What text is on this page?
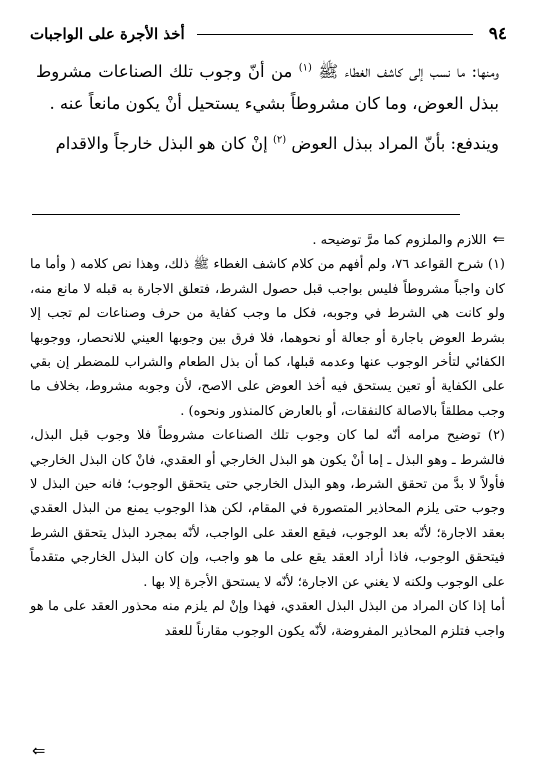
٩٤
أخذ الأجرة على الواجبات

ومنها: ما نسب إلى كاشف الغطاء ﷺ $^{(١)}$ من أنّ وجوب تلك الصناعات مشروط ببذل العوض، وما كان مشروطاً بشيء يستحيل أنْ يكون مانعاً عنه .

ويندفع: بأنّ المراد ببذل العوض $^{(٢)}$ إنْ كان هو البذل خارجاً والاقدام

⇐اللازم والملزوم كما مرَّ توضيحه .

(١) شرح القواعد ٧٦، ولم أفهم من كلام كاشف الغطاء ﷺ ذلك، وهذا نص كلامه ( وأما ما كان واجباً مشروطاً فليس بواجب قبل حصول الشرط، فتعلق الاجارة به قبله لا مانع منه، ولو كانت هي الشرط في وجوبه، فكل ما وجب كفاية من حرف وصناعات لم تجب إلا بشرط العوض باجارة أو جعالة أو نحوهما، فلا فرق بين وجوبها العيني للانحصار، ووجوبها الكفائي لتأخر الوجوب عنها وعدمه قبلها، كما أن بذل الطعام والشراب للمضطر إن بقي على الكفاية أو تعين يستحق فيه أخذ العوض على الاصح، لأن وجوبه مشروط، بخلاف ما وجب مطلقاً بالاصالة كالنفقات، أو بالعارض كالمنذور ونحوه) .

(٢) توضيح مرامه أنّه لما كان وجوب تلك الصناعات مشروطاً فلا وجوب قبل البذل، فالشرط ـ وهو البذل ـ إما أنْ يكون هو البذل الخارجي أو العقدي، فانْ كان البذل الخارجي فأولاً لا بدَّ من تحقق الشرط، وهو البذل الخارجي حتى يتحقق الوجوب؛ فانه حين البذل لا وجوب حتى يلزم المحاذير المتصورة في المقام، لكن هذا الوجوب يمنع من البذل العقدي بعقد الاجارة؛ لأنّه بعد الوجوب، فيقع العقد على الواجب، لأنّه بمجرد البذل يتحقق الشرط فيتحقق الوجوب، فاذا أراد العقد يقع على ما هو واجب، وإن كان البذل الخارجي متقدماً على الوجوب ولكنه لا يغني عن الاجارة؛ لأنّه لا يستحق الأجرة إلا بها .

أما إذا كان المراد من البذل البذل العقدي، فهذا وإنْ لم يلزم منه محذور العقد على ما هو واجب فتلزم المحاذير المفروضة، لأنّه يكون الوجوب مقارناً للعقد

⇐
